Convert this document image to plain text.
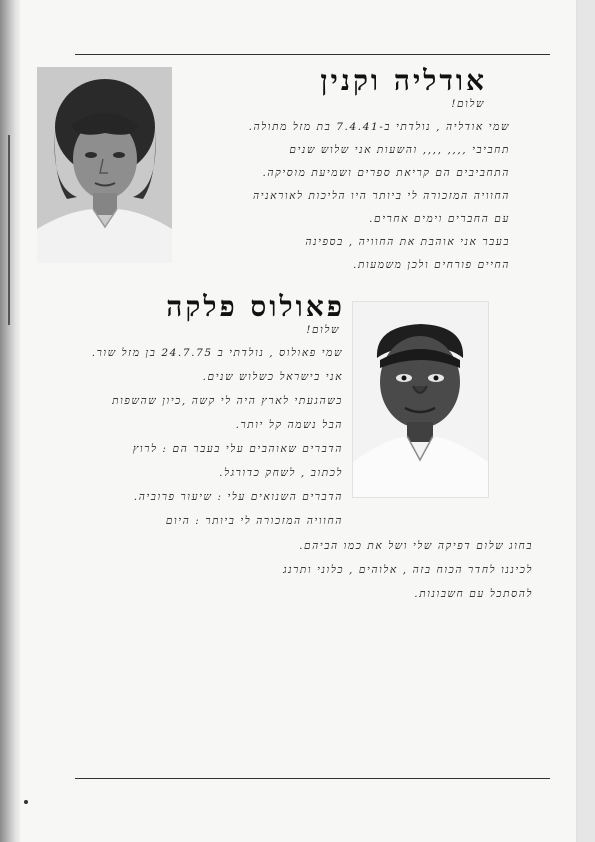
אודליה וקנין
שלום!
שמי אודליה , נולדתי ב-7.4.41 בת מזל מתולה.
תחביבי ,,,, ,,,, והשעות אני שלוש שנים
התחביבים הם קריאת ספרים ושמיעת מוסיקה.
החוויה המזכורה לי ביותר היו הליכות לאוראניה
עם החברים וימים אחרים.
בעבר אני אוהבת את החוויה , בספינה
החיים פורחים ולכן משמעות.
פאולוס פלקה
שלום!
שמי פאולוס , נולדתי ב 24.7.75 בן מזל שור.
אני בישראל כשלוש שנים.
כשהגעתי לארץ היה לי קשה ,כיון שהשפות
הבל נשמה קל יותר.
הדברים שאוהבים עלי בעבר הם : לרוץ
לכתוב , לשחק כדורגל.
הדברים השנואים עלי : שיעור פרוביה.
החוויה המזכורה לי ביותר : היום
בחוג שלום דפיקה שלי ושל את כמו הביהם.
לכיננו לחדר הכוח בזה , אלוהים , כלוני ותרנג
להסתכל עם חשבונות.
